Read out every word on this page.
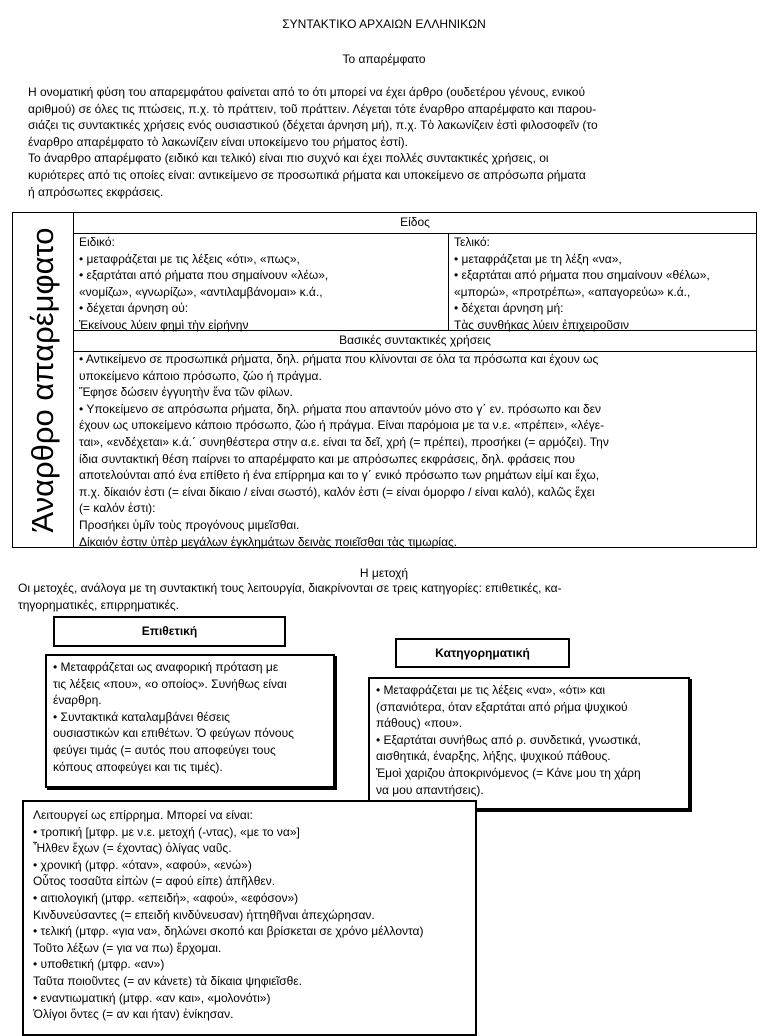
ΣΥΝΤΑΚΤΙΚΟ ΑΡΧΑΙΩΝ ΕΛΛΗΝΙΚΩΝ
Το απαρέμφατο
Η ονοματική φύση του απαρεμφάτου φαίνεται από το ότι μπορεί να έχει άρθρο (ουδετέρου γένους, ενικού
αριθμού) σε όλες τις πτώσεις, π.χ. τὸ πράττειν, τοῦ πράττειν. Λέγεται τότε έναρθρο απαρέμφατο και παρου-
σιάζει τις συντακτικές χρήσεις ενός ουσιαστικού (δέχεται άρνηση μή), π.χ. Τὸ λακωνίζειν ἐστὶ φιλοσοφεῖν (το
έναρθρο απαρέμφατο τὸ λακωνίζειν είναι υποκείμενο του ρήματος ἐστί).
Το άναρθρο απαρέμφατο (ειδικό και τελικό) είναι πιο συχνό και έχει πολλές συντακτικές χρήσεις, οι
κυριότερες από τις οποίες είναι: αντικείμενο σε προσωπικά ρήματα και υποκείμενο σε απρόσωπα ρήματα
ή απρόσωπες εκφράσεις.
Άναρθρο απαρέμφατο
Είδος
Ειδικό:
• μεταφράζεται με τις λέξεις «ότι», «πως»,
• εξαρτάται από ρήματα που σημαίνουν «λέω»,
«νομίζω», «γνωρίζω», «αντιλαμβάνομαι» κ.ά.,
• δέχεται άρνηση οὐ:
Ἐκείνους λύειν φημὶ τὴν εἰρήνην
Τελικό:
• μεταφράζεται με τη λέξη «να»,
• εξαρτάται από ρήματα που σημαίνουν «θέλω»,
«μπορώ», «προτρέπω», «απαγορεύω» κ.ά.,
• δέχεται άρνηση μή:
Τὰς συνθήκας λύειν ἐπιχειροῦσιν
Βασικές συντακτικές χρήσεις
• Αντικείμενο σε προσωπικά ρήματα, δηλ. ρήματα που κλίνονται σε όλα τα πρόσωπα και έχουν ως
υποκείμενο κάποιο πρόσωπο, ζώο ή πράγμα.
Ἔφησε δώσειν ἐγγυητὴν ἕνα τῶν φίλων.
• Υποκείμενο σε απρόσωπα ρήματα, δηλ. ρήματα που απαντούν μόνο στο γ΄ εν. πρόσωπο και δεν
έχουν ως υποκείμενο κάποιο πρόσωπο, ζώο ή πράγμα. Είναι παρόμοια με τα ν.ε. «πρέπει», «λέγε-
ται», «ενδέχεται» κ.ά.΄ συνηθέστερα στην α.ε. είναι τα δεῖ, χρή (= πρέπει), προσήκει (= αρμόζει). Την
ίδια συντακτική θέση παίρνει το απαρέμφατο και με απρόσωπες εκφράσεις, δηλ. φράσεις που
αποτελούνται από ένα επίθετο ή ένα επίρρημα και το γ΄ ενικό πρόσωπο των ρημάτων εἰμί και ἔχω,
π.χ. δίκαιόν ἐστι (= είναι δίκαιο / είναι σωστό), καλόν ἐστι (= είναι όμορφο / είναι καλό), καλῶς ἔχει
(= καλόν ἐστι):
Προσήκει ὑμῖν τοὺς προγόνους μιμεῖσθαι.
Δίκαιόν ἐστιν ὑπὲρ μεγάλων ἐγκλημάτων δεινὰς ποιεῖσθαι τὰς τιμωρίας.
Η μετοχή
Οι μετοχές, ανάλογα με τη συντακτική τους λειτουργία, διακρίνονται σε τρεις κατηγορίες: επιθετικές, κα-
τηγορηματικές, επιρρηματικές.
Επιθετική
• Μεταφράζεται ως αναφορική πρόταση με
τις λέξεις «που», «ο οποίος». Συνήθως είναι
έναρθρη.
• Συντακτικά καταλαμβάνει θέσεις
ουσιαστικών και επιθέτων. Ὁ φεύγων πόνους
φεύγει τιμάς (= αυτός που αποφεύγει τους
κόπους αποφεύγει και τις τιμές).
Κατηγορηματική
• Μεταφράζεται με τις λέξεις «να», «ότι» και
(σπανιότερα, όταν εξαρτάται από ρήμα ψυχικού
πάθους) «που».
• Εξαρτάται συνήθως από ρ. συνδετικά, γνωστικά,
αισθητικά, έναρξης, λήξης, ψυχικού πάθους.
Ἐμοὶ χαριζου ἀποκρινόμενος (= Κάνε μου τη χάρη
να μου απαντήσεις).
Λειτουργεί ως επίρρημα. Μπορεί να είναι:
• τροπική [μτφρ. με ν.ε. μετοχή (-ντας), «με το να»]
Ἦλθεν ἔχων (= έχοντας) ὀλίγας ναῦς.
• χρονική (μτφρ. «όταν», «αφού», «ενώ»)
Οὗτος τοσαῦτα εἰπὼν (= αφού είπε) ἀπῆλθεν.
• αιτιολογική (μτφρ. «επειδή», «αφού», «εφόσον»)
Κινδυνεύσαντες (= επειδή κινδύνευσαν) ἡττηθῆναι ἀπεχώρησαν.
• τελική (μτφρ. «για να», δηλώνει σκοπό και βρίσκεται σε χρόνο μέλλοντα)
Τοῦτο λέξων (= για να πω) ἔρχομαι.
• υποθετική (μτφρ. «αν»)
Ταῦτα ποιοῦντες (= αν κάνετε) τὰ δίκαια ψηφιεῖσθε.
• εναντιωματική (μτφρ. «αν και», «μολονότι»)
Ὀλίγοι ὄντες (= αν και ήταν) ἐνίκησαν.
